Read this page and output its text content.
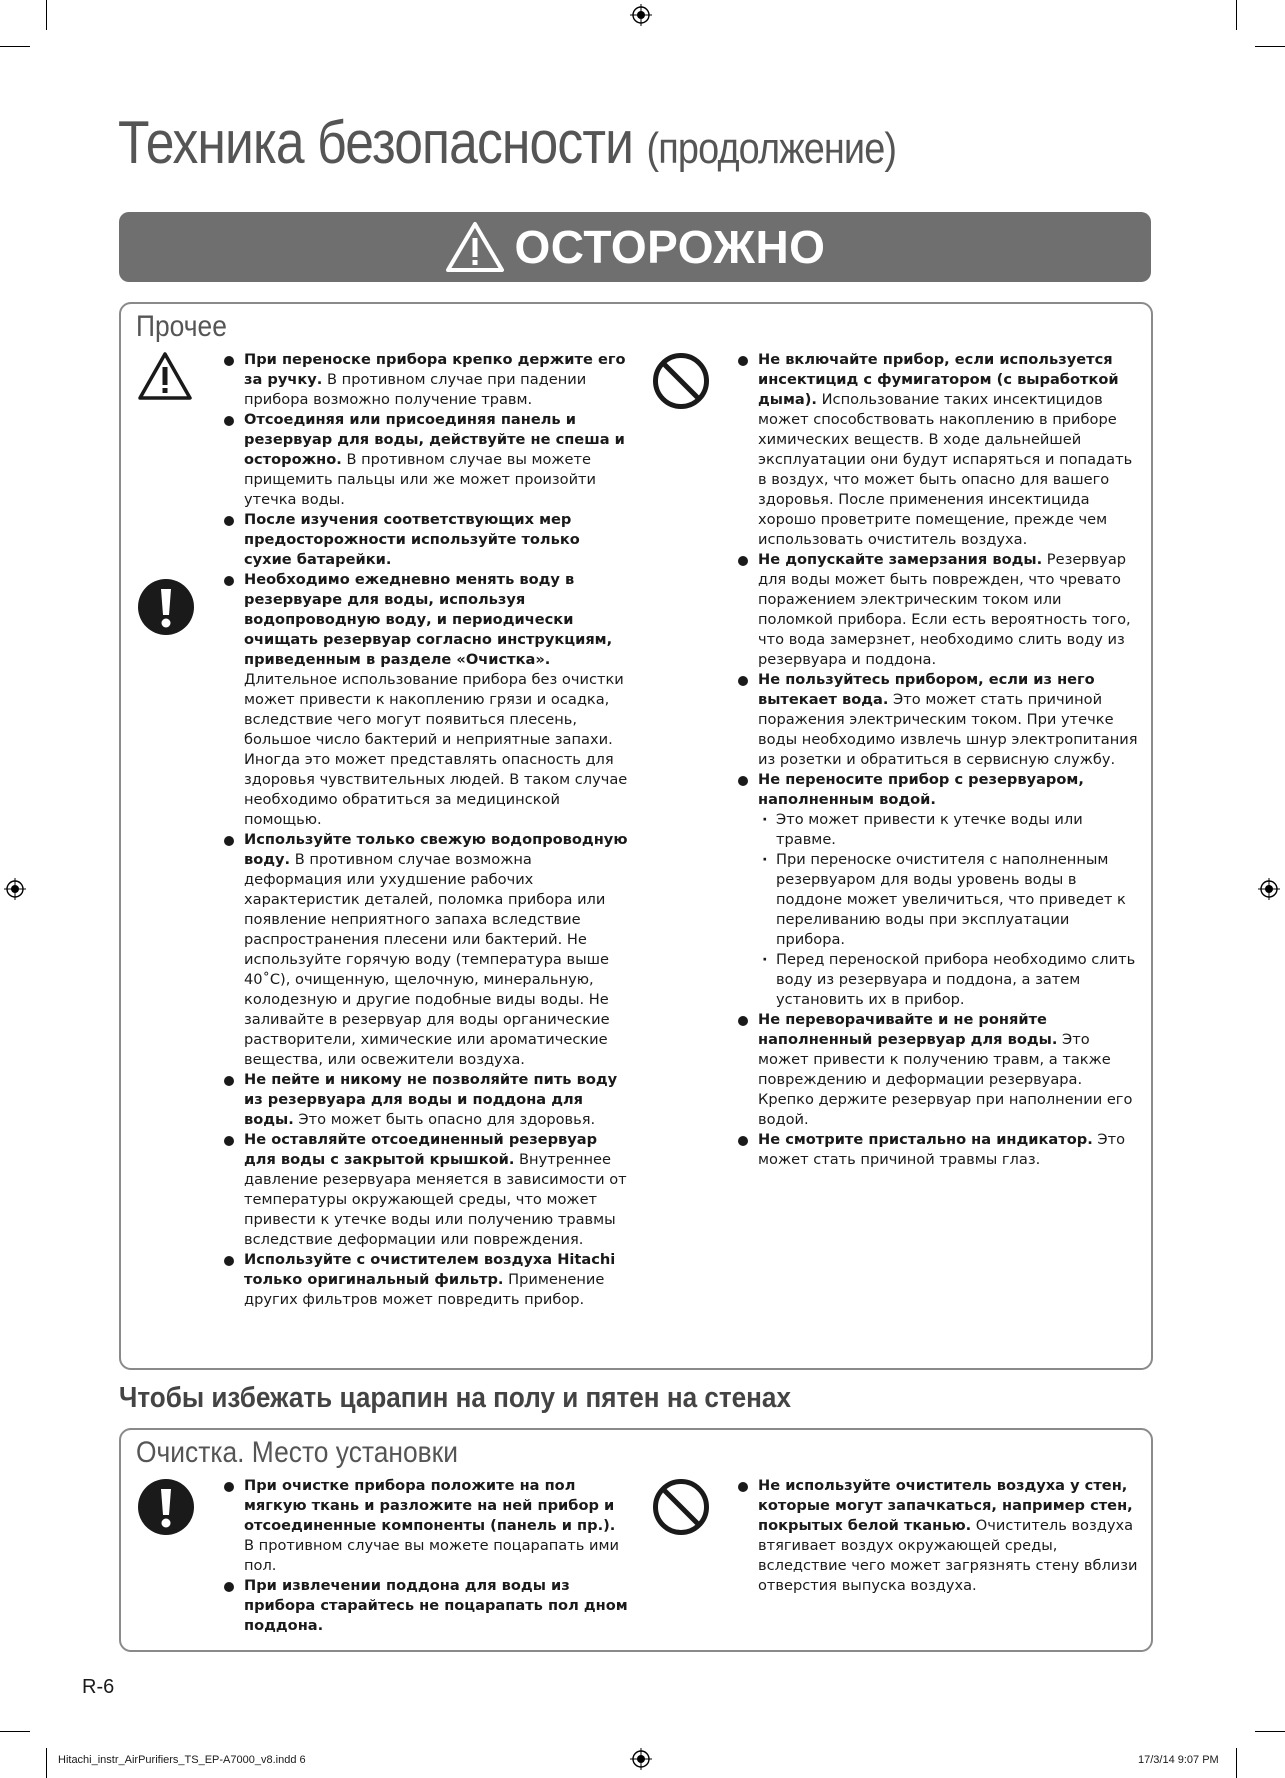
Техника безопасности (продолжение)
ОСТОРОЖНО
Прочее
При переноске прибора крепко держите его за ручку. В противном случае при падении прибора возможно получение травм.
Отсоединяя или присоединяя панель и резервуар для воды, действуйте не спеша и осторожно. В противном случае вы можете прищемить пальцы или же может произойти утечка воды.
После изучения соответствующих мер предосторожности используйте только сухие батарейки.
Необходимо ежедневно менять воду в резервуаре для воды, используя водопроводную воду, и периодически очищать резервуар согласно инструкциям, приведенным в разделе «Очистка». Длительное использование прибора без очистки может привести к накоплению грязи и осадка, вследствие чего могут появиться плесень, большое число бактерий и неприятные запахи. Иногда это может представлять опасность для здоровья чувствительных людей. В таком случае необходимо обратиться за медицинской помощью.
Используйте только свежую водопроводную воду. В противном случае возможна деформация или ухудшение рабочих характеристик деталей, поломка прибора или появление неприятного запаха вследствие распространения плесени или бактерий. Не используйте горячую воду (температура выше 40˚C), очищенную, щелочную, минеральную, колодезную и другие подобные виды воды. Не заливайте в резервуар для воды органические растворители, химические или ароматические вещества, или освежители воздуха.
Не пейте и никому не позволяйте пить воду из резервуара для воды и поддона для воды. Это может быть опасно для здоровья.
Не оставляйте отсоединенный резервуар для воды с закрытой крышкой. Внутреннее давление резервуара меняется в зависимости от температуры окружающей среды, что может привести к утечке воды или получению травмы вследствие деформации или повреждения.
Используйте с очистителем воздуха Hitachi только оригинальный фильтр. Применение других фильтров может повредить прибор.
Не включайте прибор, если используется инсектицид с фумигатором (с выработкой дыма). Использование таких инсектицидов может способствовать накоплению в приборе химических веществ. В ходе дальнейшей эксплуатации они будут испаряться и попадать в воздух, что может быть опасно для вашего здоровья. После применения инсектицида хорошо проветрите помещение, прежде чем использовать очиститель воздуха.
Не допускайте замерзания воды. Резервуар для воды может быть поврежден, что чревато поражением электрическим током или поломкой прибора. Если есть вероятность того, что вода замерзнет, необходимо слить воду из резервуара и поддона.
Не пользуйтесь прибором, если из него вытекает вода. Это может стать причиной поражения электрическим током. При утечке воды необходимо извлечь шнур электропитания из розетки и обратиться в сервисную службу.
Не переносите прибор с резервуаром, наполненным водой.
· Это может привести к утечке воды или травме.
· При переноске очистителя с наполненным резервуаром для воды уровень воды в поддоне может увеличиться, что приведет к переливанию воды при эксплуатации прибора.
· Перед переноской прибора необходимо слить воду из резервуара и поддона, а затем установить их в прибор.
Не переворачивайте и не роняйте наполненный резервуар для воды. Это может привести к получению травм, а также повреждению и деформации резервуара. Крепко держите резервуар при наполнении его водой.
Не смотрите пристально на индикатор. Это может стать причиной травмы глаз.
Чтобы избежать царапин на полу и пятен на стенах
Очистка. Место установки
При очистке прибора положите на пол мягкую ткань и разложите на ней прибор и отсоединенные компоненты (панель и пр.). В противном случае вы можете поцарапать ими пол.
При извлечении поддона для воды из прибора старайтесь не поцарапать пол дном поддона.
Не используйте очиститель воздуха у стен, которые могут запачкаться, например стен, покрытых белой тканью. Очиститель воздуха втягивает воздух окружающей среды, вследствие чего может загрязнять стену вблизи отверстия выпуска воздуха.
R-6
Hitachi_instr_AirPurifiers_TS_EP-A7000_v8.indd 6	17/3/14 9:07 PM
